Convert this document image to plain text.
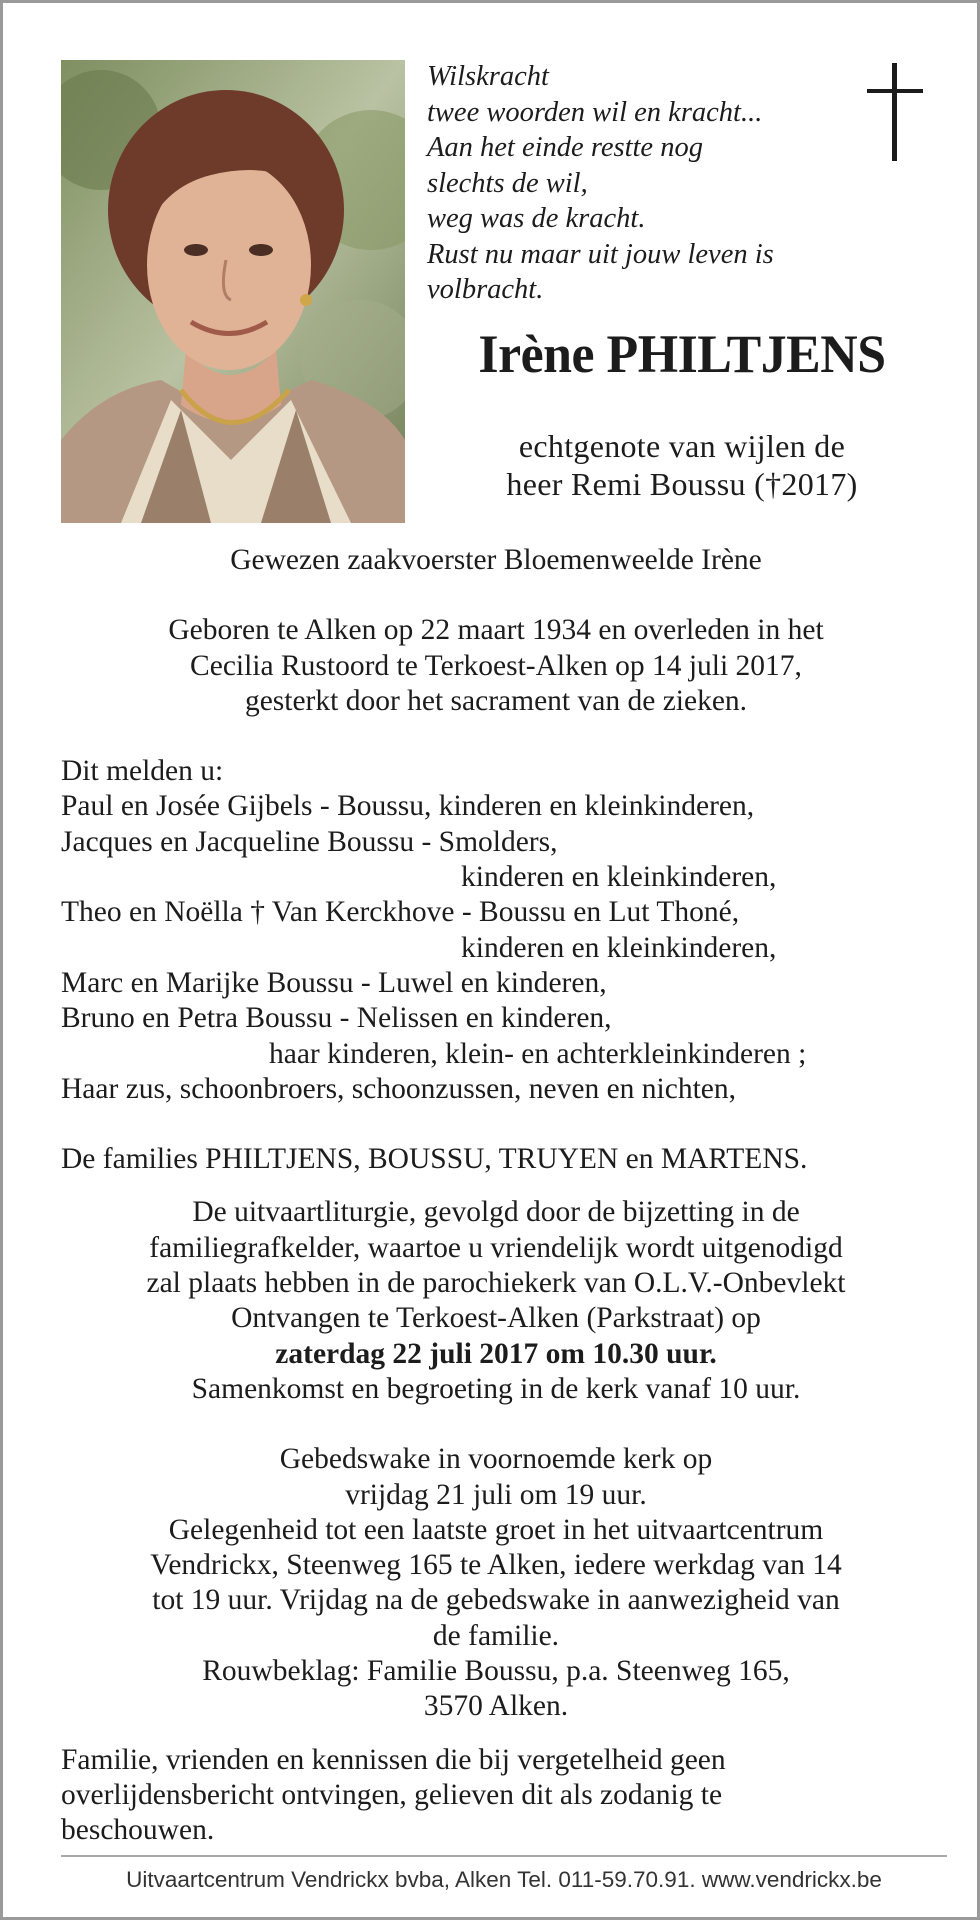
Wilskracht
twee woorden wil en kracht...
Aan het einde restte nog
slechts de wil,
weg was de kracht.
Rust nu maar uit jouw leven is
volbracht.
Irène PHILTJENS
echtgenote van wijlen de
heer Remi Boussu (†2017)
Gewezen zaakvoerster Bloemenweelde Irène
Geboren te Alken op 22 maart 1934 en overleden in het
Cecilia Rustoord te Terkoest-Alken op 14 juli 2017,
gesterkt door het sacrament van de zieken.
Dit melden u:
Paul en Josée Gijbels - Boussu, kinderen en kleinkinderen,
Jacques en Jacqueline Boussu - Smolders,
kinderen en kleinkinderen,
Theo en Noëlla † Van Kerckhove - Boussu en Lut Thoné,
kinderen en kleinkinderen,
Marc en Marijke Boussu - Luwel en kinderen,
Bruno en Petra Boussu - Nelissen en kinderen,
haar kinderen, klein- en achterkleinkinderen ;
Haar zus, schoonbroers, schoonzussen, neven en nichten,
De families PHILTJENS, BOUSSU, TRUYEN en MARTENS.
De uitvaartliturgie, gevolgd door de bijzetting in de
familiegrafkelder, waartoe u vriendelijk wordt uitgenodigd
zal plaats hebben in de parochiekerk van O.L.V.-Onbevlekt
Ontvangen te Terkoest-Alken (Parkstraat) op
zaterdag 22 juli 2017 om 10.30 uur.
Samenkomst en begroeting in de kerk vanaf 10 uur.
Gebedswake in voornoemde kerk op
vrijdag 21 juli om 19 uur.
Gelegenheid tot een laatste groet in het uitvaartcentrum
Vendrickx, Steenweg 165 te Alken, iedere werkdag van 14
tot 19 uur. Vrijdag na de gebedswake in aanwezigheid van
de familie.
Rouwbeklag: Familie Boussu, p.a. Steenweg 165,
3570 Alken.
Familie, vrienden en kennissen die bij vergetelheid geen
overlijdensbericht ontvingen, gelieven dit als zodanig te
beschouwen.
Uitvaartcentrum Vendrickx bvba, Alken Tel. 011-59.70.91. www.vendrickx.be
